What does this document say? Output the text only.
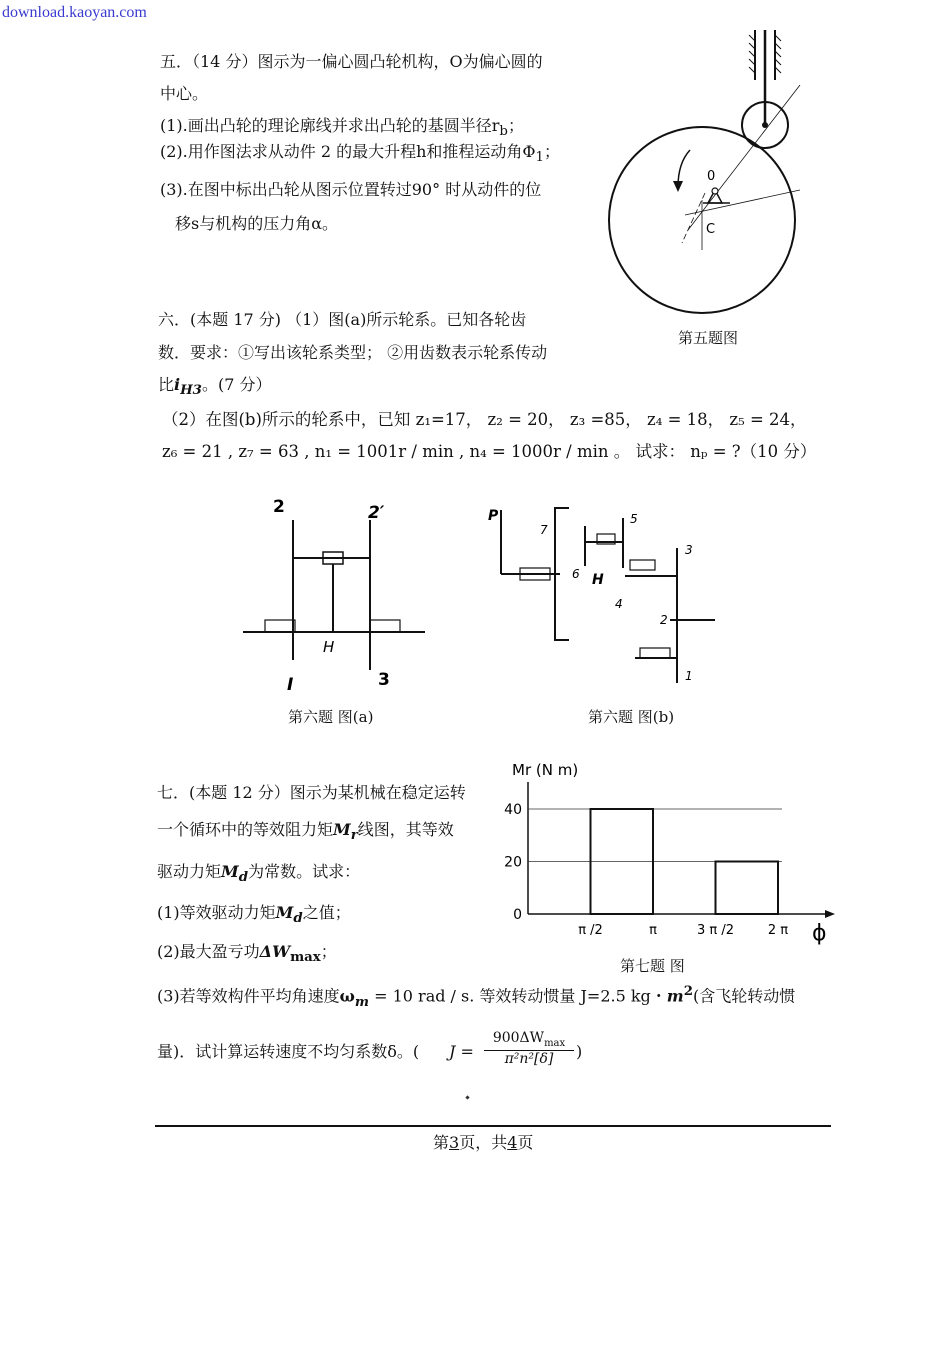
download.kaoyan.com
五．（14 分）图示为一偏心圆凸轮机构，O为偏心圆的
中心。
(1).画出凸轮的理论廓线并求出凸轮的基圆半径$r_b$；
(2).用作图法求从动件 2 的最大升程h和推程运动角$\Phi_1$；
(3).在图中标出凸轮从图示位置转过90° 时从动件的位
移s与机构的压力角α。
0
C
第五题图
六．(本题 17 分) （1）图(a)所示轮系。已知各轮齿
数．要求：①写出该轮系类型； ②用齿数表示轮系传动
比$i_{H3}$。(7 分）
（2）在图(b)所示的轮系中，已知 z₁=17， z₂ = 20， z₃ =85， z₄ = 18， z₅ = 24，
z₆ = 21 , z₇ = 63 , n₁ = 1001r / min , n₄ = 1000r / min 。 试求： nₚ = ?（10 分）
2	2′
H
I	3
第六题 图(a)
P
7
6
5
H
4
3
2
1
第六题 图(b)
七．(本题 12 分）图示为某机械在稳定运转
一个循环中的等效阻力矩$M_r$线图，其等效
驱动力矩$M_d$为常数。试求：
(1)等效驱动力矩$M_d$之值；
(2)最大盈亏功$\Delta W_{max}$；
(3)若等效构件平均角速度$\omega_m = 10$ rad / s. 等效转动惯量 J=2.5 kg・$m^2$(含飞轮转动惯
量)．试计算运转速度不均匀系数δ。( J =
$900\Delta W_{max}$
π²n²[δ]	)
Mr (N m)
ϕ
40
20
0
π /2	π	3 π /2	2 π
第七题 图
第3页，共4页
